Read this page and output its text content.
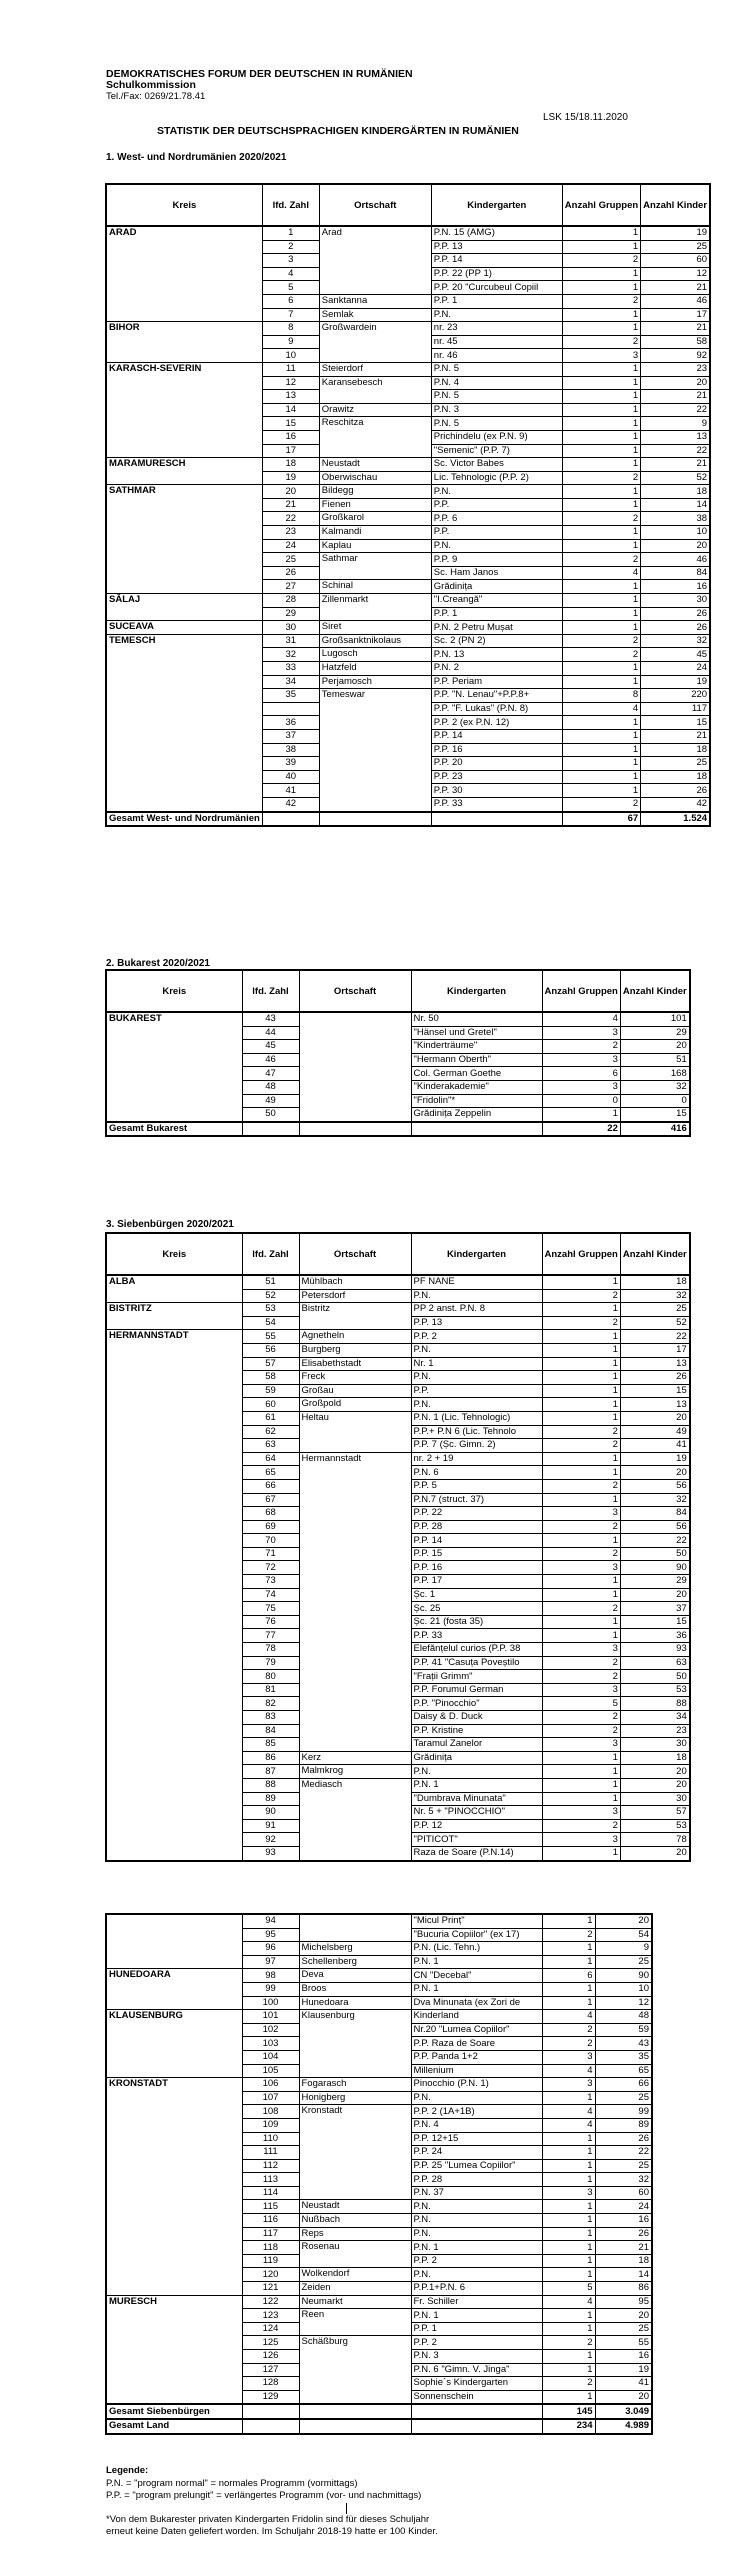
DEMOKRATISCHES FORUM DER DEUTSCHEN IN RUMÄNIEN
Schulkommission
Tel./Fax: 0269/21.78.41
LSK 15/18.11.2020
STATISTIK DER DEUTSCHSPRACHIGEN KINDERGÄRTEN IN RUMÄNIEN
1. West- und Nordrumänien 2020/2021
Kreis	lfd. Zahl	Ortschaft	Kindergarten	Anzahl Gruppen	Anzahl Kinder
ARAD	1	Arad	P.N. 15 (AMG)	1	19
	2		P.P. 13	1	25
	3		P.P. 14	2	60
	4		P.P. 22 (PP 1)	1	12
	5		P.P. 20 "Curcubeul Copiil	1	21
	6	Sanktanna	P.P. 1	2	46
	7	Semlak	P.N.	1	17
BIHOR	8	Großwardein	nr. 23	1	21
	9		nr. 45	2	58
	10		nr. 46	3	92
KARASCH-SEVERIN	11	Steierdorf	P.N. 5	1	23
	12	Karansebesch	P.N. 4	1	20
	13		P.N. 5	1	21
	14	Orawitz	P.N. 3	1	22
	15	Reschitza	P.N. 5	1	9
	16		Prichindelu (ex P.N. 9)	1	13
	17		"Semenic" (P.P. 7)	1	22
MARAMURESCH	18	Neustadt	Sc. Victor Babes	1	21
	19	Oberwischau	Lic. Tehnologic (P.P. 2)	2	52
SATHMAR	20	Bildegg	P.N.	1	18
	21	Fienen	P.P.	1	14
	22	Großkarol	P.P. 6	2	38
	23	Kalmandi	P.P.	1	10
	24	Kaplau	P.N.	1	20
	25	Sathmar	P.P. 9	2	46
	26		Sc. Ham Janos	4	84
	27	Schinal	Grădinița	1	16
SĂLAJ	28	Zillenmarkt	"I.Creangă"	1	30
	29		P.P. 1	1	26
SUCEAVA	30	Siret	P.N. 2 Petru Mușat	1	26
TEMESCH	31	Großsanktnikolaus	Sc. 2 (PN 2)	2	32
	32	Lugosch	P.N. 13	2	45
	33	Hatzfeld	P.N. 2	1	24
	34	Perjamosch	P.P. Periam	1	19
	35	Temeswar	P.P. "N. Lenau"+P.P.8+	8	220
			P.P. "F. Lukas" (P.N. 8)	4	117
	36		P.P. 2 (ex P.N. 12)	1	15
	37		P.P. 14	1	21
	38		P.P. 16	1	18
	39		P.P. 20	1	25
	40		P.P. 23	1	18
	41		P.P. 30	1	26
	42		P.P. 33	2	42
Gesamt West- und Nordrumänien				67	1.524
2. Bukarest 2020/2021
Kreis	lfd. Zahl	Ortschaft	Kindergarten	Anzahl Gruppen	Anzahl Kinder
BUKAREST	43		Nr. 50	4	101
	44		"Hänsel und Gretel"	3	29
	45		"Kinderträume"	2	20
	46		"Hermann Oberth"	3	51
	47		Col. German Goethe	6	168
	48		"Kinderakademie"	3	32
	49		"Fridolin"*	0	0
	50		Grădinița Zeppelin	1	15
Gesamt Bukarest				22	416
3. Siebenbürgen 2020/2021
Kreis	lfd. Zahl	Ortschaft	Kindergarten	Anzahl Gruppen	Anzahl Kinder
ALBA	51	Mühlbach	PF NANE	1	18
	52	Petersdorf	P.N.	2	32
BISTRITZ	53	Bistritz	PP 2 anst. P.N. 8	1	25
	54		P.P. 13	2	52
HERMANNSTADT	55	Agnetheln	P.P. 2	1	22
	56	Burgberg	P.N.	1	17
	57	Elisabethstadt	Nr. 1	1	13
	58	Freck	P.N.	1	26
	59	Großau	P.P.	1	15
	60	Großpold	P.N.	1	13
	61	Heltau	P.N. 1 (Lic. Tehnologic)	1	20
	62		P.P.+ P.N 6 (Lic. Tehnolo	2	49
	63		P.P. 7 (Șc. Gimn. 2)	2	41
	64	Hermannstadt	nr. 2 + 19	1	19
	65		P.N. 6	1	20
	66		P.P. 5	2	56
	67		P.N.7 (struct. 37)	1	32
	68		P.P. 22	3	84
	69		P.P. 28	2	56
	70		P.P. 14	1	22
	71		P.P. 15	2	50
	72		P.P. 16	3	90
	73		P.P. 17	1	29
	74		Șc. 1	1	20
	75		Șc. 25	2	37
	76		Șc. 21 (fosta 35)	1	15
	77		P.P. 33	1	36
	78		Elefănțelul curios (P.P. 38	3	93
	79		P.P. 41 "Casuța Poveștilo	2	63
	80		"Frații Grimm"	2	50
	81		P.P. Forumul German	3	53
	82		P.P. "Pinocchio"	5	88
	83		Daisy & D. Duck	2	34
	84		P.P. Kristine	2	23
	85		Taramul Zanelor	3	30
	86	Kerz	Grădinița	1	18
	87	Malmkrog	P.N.	1	20
	88	Mediasch	P.N. 1	1	20
	89		"Dumbrava Minunata"	1	30
	90		Nr. 5 + "PINOCCHIO"	3	57
	91		P.P. 12	2	53
	92		"PITICOT"	3	78
	93		Raza de Soare (P.N.14)	1	20
	94		"Micul Prinț"	1	20
	95		"Bucuria Copiilor" (ex 17)	2	54
	96	Michelsberg	P.N. (Lic. Tehn.)	1	9
	97	Schellenberg	P.N. 1	1	25
HUNEDOARA	98	Deva	CN "Decebal"	6	90
	99	Broos	P.N. 1	1	10
	100	Hunedoara	Dva Minunata (ex Zori de	1	12
KLAUSENBURG	101	Klausenburg	Kinderland	4	48
	102		Nr.20 "Lumea Copiilor"	2	59
	103		P.P. Raza de Soare	2	43
	104		P.P. Panda 1+2	3	35
	105		Millenium	4	65
KRONSTADT	106	Fogarasch	Pinocchio (P.N. 1)	3	66
	107	Honigberg	P.N.	1	25
	108	Kronstadt	P.P. 2 (1A+1B)	4	99
	109		P.N. 4	4	89
	110		P.P. 12+15	1	26
	111		P.P. 24	1	22
	112		P.P. 25 "Lumea Copiilor"	1	25
	113		P.P. 28	1	32
	114		P.N. 37	3	60
	115	Neustadt	P.N.	1	24
	116	Nußbach	P.N.	1	16
	117	Reps	P.N.	1	26
	118	Rosenau	P.N. 1	1	21
	119		P.P. 2	1	18
	120	Wolkendorf	P.N.	1	14
	121	Zeiden	P.P.1+P.N. 6	5	86
MURESCH	122	Neumarkt	Fr. Schiller	4	95
	123	Reen	P.N. 1	1	20
	124		P.P. 1	1	25
	125	Schäßburg	P.P. 2	2	55
	126		P.N. 3	1	16
	127		P.N. 6 "Gimn. V. Jinga"	1	19
	128		Sophie´s Kindergarten	2	41
	129		Sonnenschein	1	20
Gesamt Siebenbürgen				145	3.049
Gesamt Land				234	4.989
Legende:
P.N. = "program normal" = normales Programm (vormittags)
P.P. = "program prelungit" = verlängertes Programm (vor- und nachmittags)
*Von dem Bukarester privaten Kindergarten Fridolin sind für dieses Schuljahr
erneut keine Daten geliefert worden. Im Schuljahr 2018-19 hatte er 100 Kinder.
